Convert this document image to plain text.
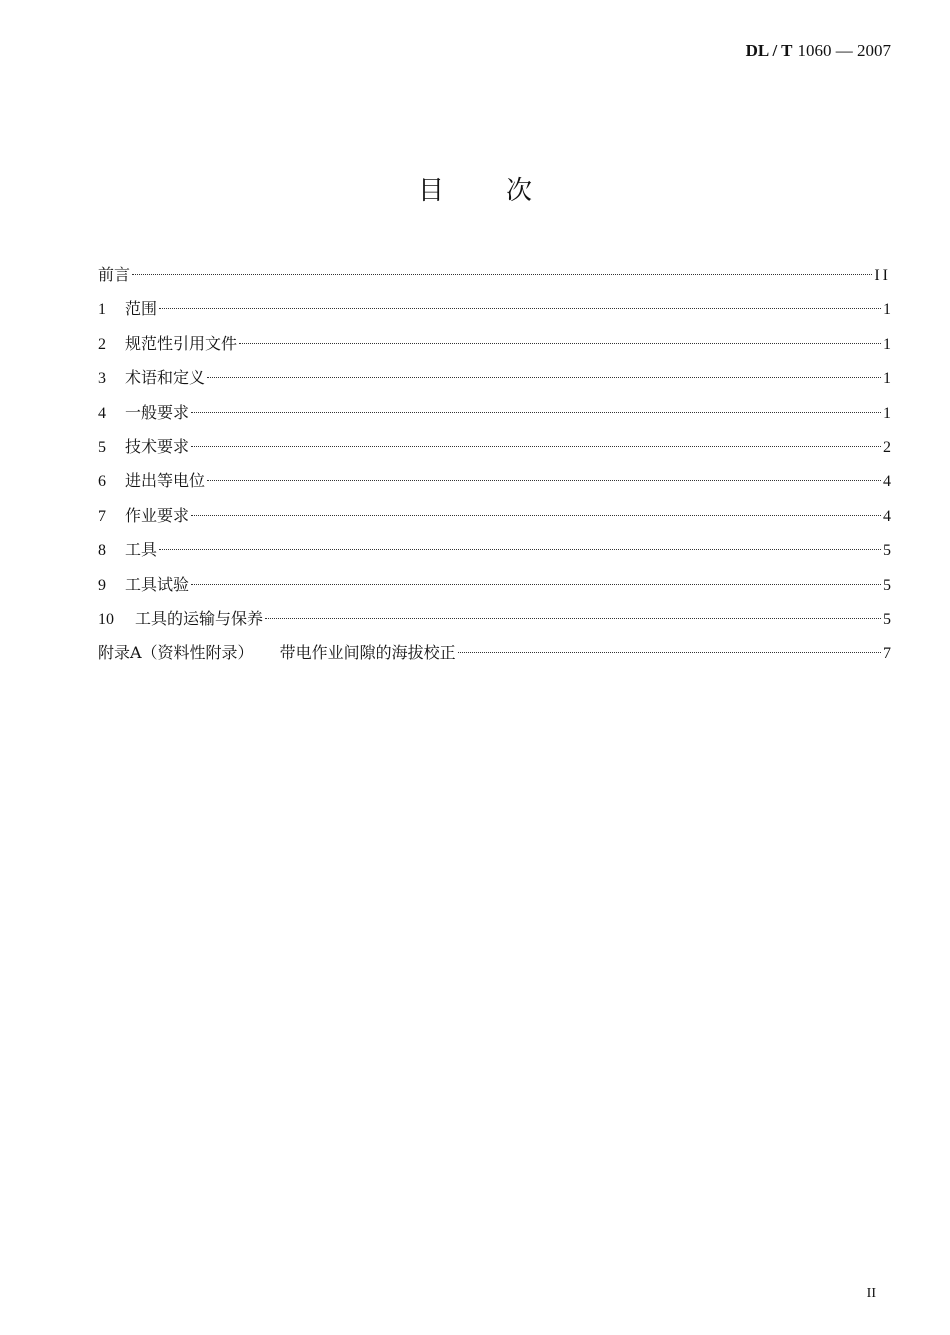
DL / T 1060 — 2007
目 次
前言	II
1	范围	1
2	规范性引用文件	1
3	术语和定义	1
4	一般要求	1
5	技术要求	2
6	进出等电位	4
7	作业要求	4
8	工具	5
9	工具试验	5
10	工具的运输与保养	5
附录A（资料性附录） 带电作业间隙的海拔校正	7
II
